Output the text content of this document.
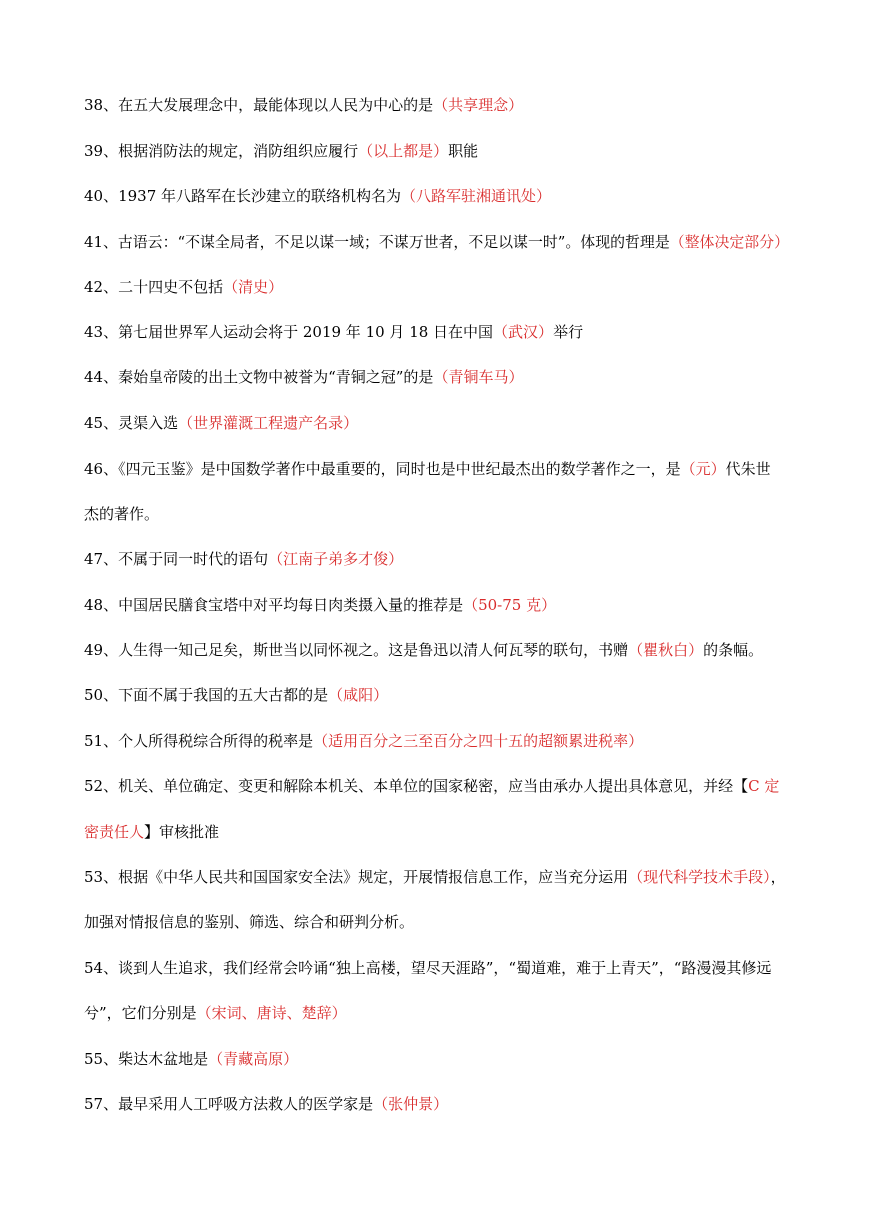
38、在五大发展理念中，最能体现以人民为中心的是（共享理念）
39、根据消防法的规定，消防组织应履行（以上都是）职能
40、1937 年八路军在长沙建立的联络机构名为（八路军驻湘通讯处）
41、古语云：“不谋全局者，不足以谋一域；不谋万世者，不足以谋一时”。体现的哲理是（整体决定部分）
42、二十四史不包括（清史）
43、第七届世界军人运动会将于 2019 年 10 月 18 日在中国（武汉）举行
44、秦始皇帝陵的出土文物中被誉为“青铜之冠”的是（青铜车马）
45、灵渠入选（世界灌溉工程遗产名录）
46、《四元玉鉴》是中国数学著作中最重要的，同时也是中世纪最杰出的数学著作之一，是（元）代朱世
杰的著作。
47、不属于同一时代的语句（江南子弟多才俊）
48、中国居民膳食宝塔中对平均每日肉类摄入量的推荐是（50-75 克）
49、人生得一知己足矣，斯世当以同怀视之。这是鲁迅以清人何瓦琴的联句，书赠（瞿秋白）的条幅。
50、下面不属于我国的五大古都的是（咸阳）
51、个人所得税综合所得的税率是（适用百分之三至百分之四十五的超额累进税率）
52、机关、单位确定、变更和解除本机关、本单位的国家秘密，应当由承办人提出具体意见，并经【C 定
密责任人】审核批准
53、根据《中华人民共和国国家安全法》规定，开展情报信息工作，应当充分运用（现代科学技术手段），
加强对情报信息的鉴别、筛选、综合和研判分析。
54、谈到人生追求，我们经常会吟诵“独上高楼，望尽天涯路”，“蜀道难，难于上青天”，“路漫漫其修远
兮”，它们分别是（宋词、唐诗、楚辞）
55、柴达木盆地是（青藏高原）
57、最早采用人工呼吸方法救人的医学家是（张仲景）
